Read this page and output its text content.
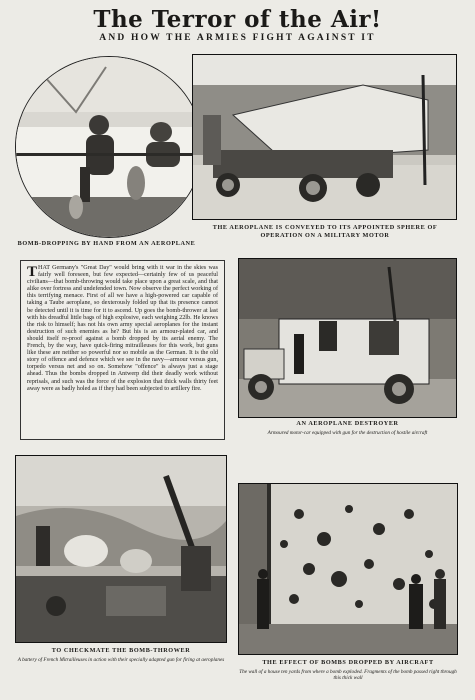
The Terror of the Air!
AND HOW THE ARMIES FIGHT AGAINST IT
BOMB-DROPPING BY HAND FROM AN AEROPLANE
THE AEROPLANE IS CONVEYED TO ITS APPOINTED SPHERE OF OPERATION ON A MILITARY MOTOR
T HAT Germany's "Great Day" would bring with it war in the skies was fairly well foreseen, but few expected—certainly few of us peaceful civilians—that bomb-throwing would take place upon a great scale, and that alike over fortress and undefended town. Now observe the perfect working of this terrifying menace. First of all we have a high-powered car capable of taking a Taube aeroplane, so dexterously folded up that its presence cannot be detected until it is time for it to ascend. Up goes the bomb-thrower at last with his dreadful little bags of high explosive, each weighing 22lb. He knows the risk to himself; has not his own army special aeroplanes for the instant destruction of such enemies as he? But his is an armour-plated car, and should itself re-proof against a bomb dropped by its aerial enemy. The French, by the way, have quick-firing mitrailleuses for this work, but guns like these are neither so powerful nor so mobile as the German. It is the old story of offence and defence which we see in the navy—armour versus gun, torpedo versus net and so on. Somehow "offence" is always just a stage ahead. Thus the bombs dropped in Antwerp did their deadly work without reprisals, and such was the force of the explosion that thick walls thirty feet away were as badly holed as if they had been subjected to artillery fire.
AN AEROPLANE DESTROYER
Armoured motor-car equipped with gun for the destruction of hostile aircraft
TO CHECKMATE THE BOMB-THROWER
A battery of French Mitrailleuses in action with their specially adapted gun for firing at aeroplanes	THE EFFECT OF BOMBS DROPPED BY AIRCRAFT
The wall of a house ten yards from where a bomb exploded. Fragments of the bomb passed right through this thick wall
